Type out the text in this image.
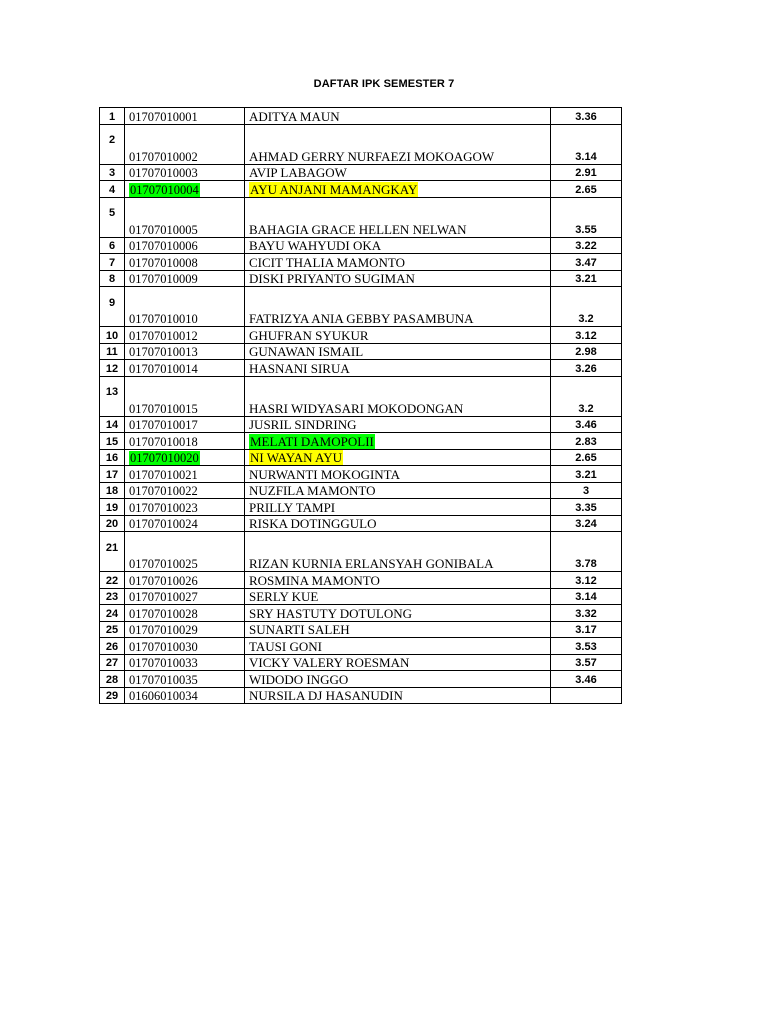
DAFTAR IPK SEMESTER 7
1	01707010001	ADITYA MAUN	3.36
2	01707010002	AHMAD GERRY NURFAEZI MOKOAGOW	3.14
3	01707010003	AVIP LABAGOW	2.91
4	01707010004	AYU ANJANI MAMANGKAY	2.65
5	01707010005	BAHAGIA GRACE HELLEN NELWAN	3.55
6	01707010006	BAYU WAHYUDI OKA	3.22
7	01707010008	CICIT THALIA MAMONTO	3.47
8	01707010009	DISKI PRIYANTO SUGIMAN	3.21
9	01707010010	FATRIZYA ANIA GEBBY PASAMBUNA	3.2
10	01707010012	GHUFRAN SYUKUR	3.12
11	01707010013	GUNAWAN ISMAIL	2.98
12	01707010014	HASNANI SIRUA	3.26
13	01707010015	HASRI WIDYASARI MOKODONGAN	3.2
14	01707010017	JUSRIL SINDRING	3.46
15	01707010018	MELATI DAMOPOLII	2.83
16	01707010020	NI WAYAN AYU	2.65
17	01707010021	NURWANTI MOKOGINTA	3.21
18	01707010022	NUZFILA MAMONTO	3
19	01707010023	PRILLY TAMPI	3.35
20	01707010024	RISKA DOTINGGULO	3.24
21	01707010025	RIZAN KURNIA ERLANSYAH GONIBALA	3.78
22	01707010026	ROSMINA MAMONTO	3.12
23	01707010027	SERLY KUE	3.14
24	01707010028	SRY HASTUTY DOTULONG	3.32
25	01707010029	SUNARTI SALEH	3.17
26	01707010030	TAUSI GONI	3.53
27	01707010033	VICKY VALERY ROESMAN	3.57
28	01707010035	WIDODO INGGO	3.46
29	01606010034	NURSILA DJ HASANUDIN	
